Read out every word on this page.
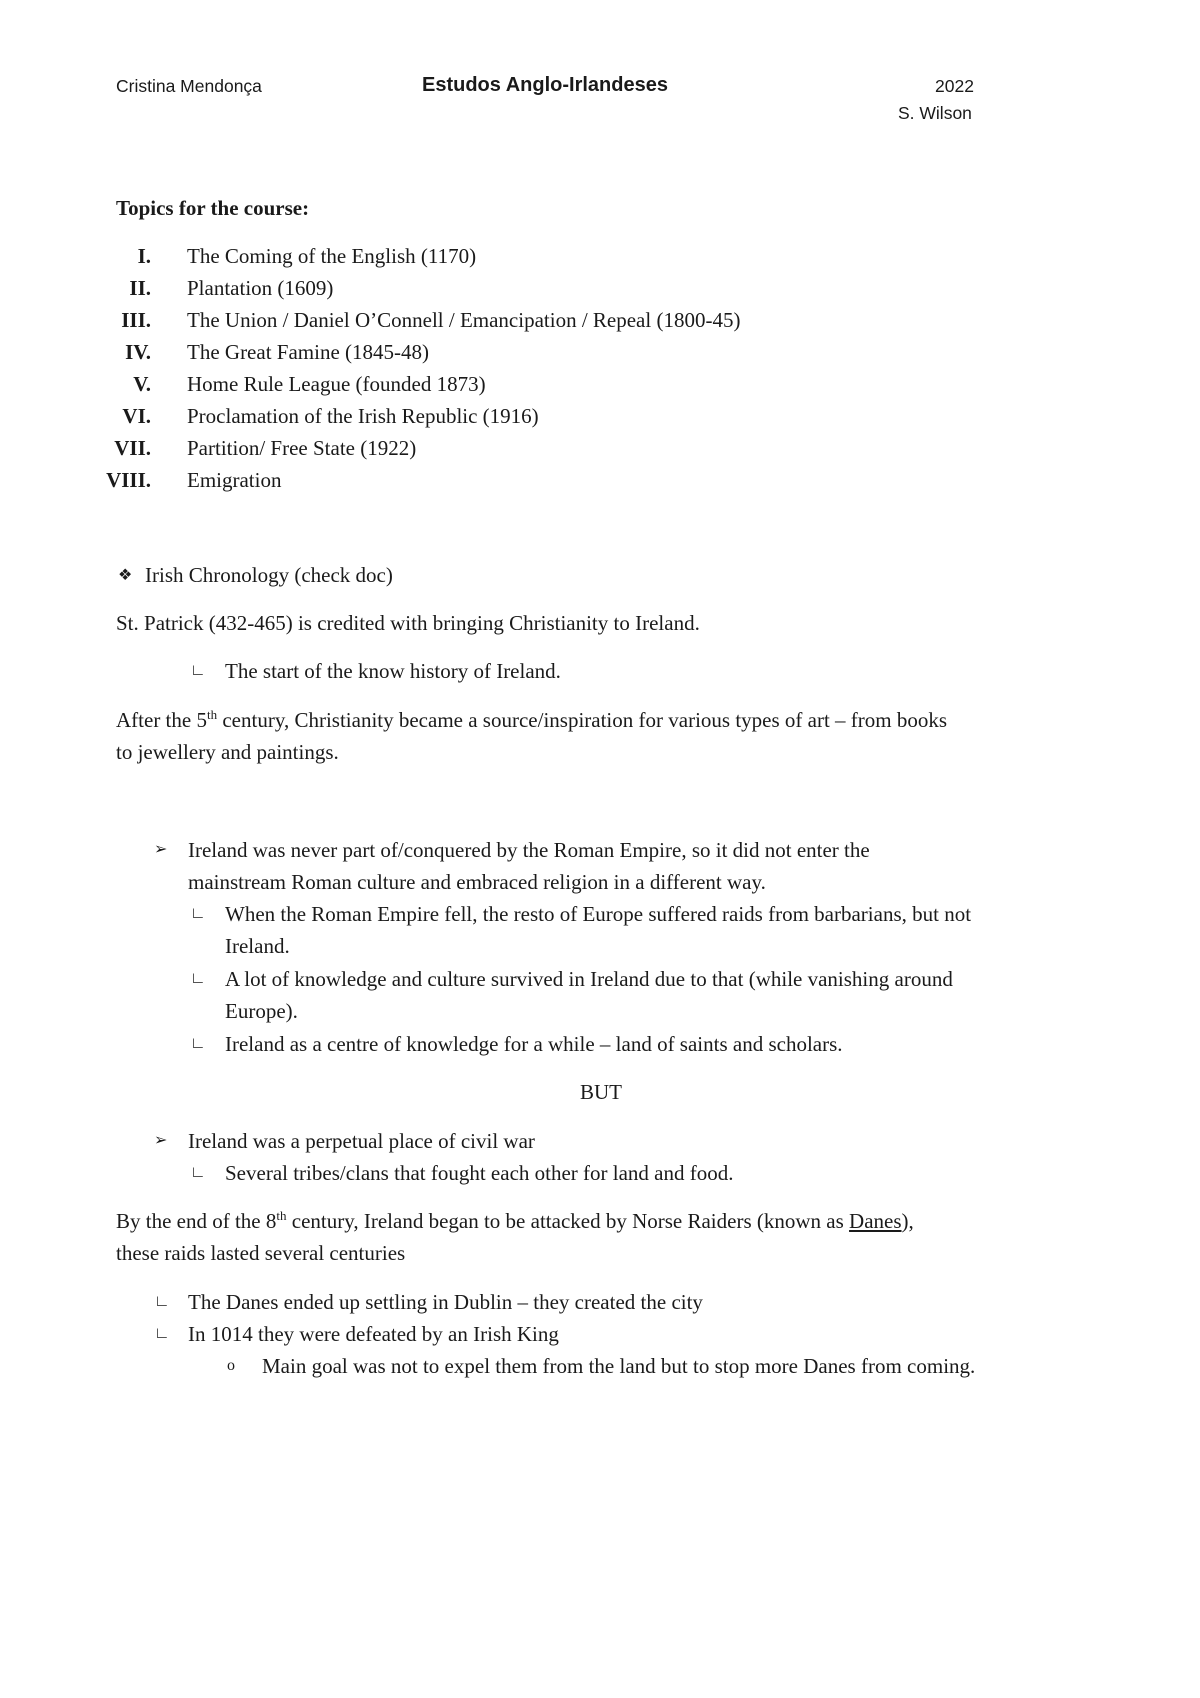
Cristina Mendonça	Estudos Anglo-Irlandeses	2022
S. Wilson
Topics for the course:
I. The Coming of the English (1170)
II. Plantation (1609)
III. The Union / Daniel O’Connell / Emancipation / Repeal (1800-45)
IV. The Great Famine (1845-48)
V. Home Rule League (founded 1873)
VI. Proclamation of the Irish Republic (1916)
VII. Partition/ Free State (1922)
VIII. Emigration
❖ Irish Chronology (check doc)
St. Patrick (432-465) is credited with bringing Christianity to Ireland.
∟ The start of the know history of Ireland.
After the 5th century, Christianity became a source/inspiration for various types of art – from books
to jewellery and paintings.
➢ Ireland was never part of/conquered by the Roman Empire, so it did not enter the
mainstream Roman culture and embraced religion in a different way.
∟ When the Roman Empire fell, the resto of Europe suffered raids from barbarians, but not
Ireland.
∟ A lot of knowledge and culture survived in Ireland due to that (while vanishing around
Europe).
∟ Ireland as a centre of knowledge for a while – land of saints and scholars.
BUT
➢ Ireland was a perpetual place of civil war
∟ Several tribes/clans that fought each other for land and food.
By the end of the 8th century, Ireland began to be attacked by Norse Raiders (known as Danes),
these raids lasted several centuries
∟ The Danes ended up settling in Dublin – they created the city
∟ In 1014 they were defeated by an Irish King
o Main goal was not to expel them from the land but to stop more Danes from coming.
